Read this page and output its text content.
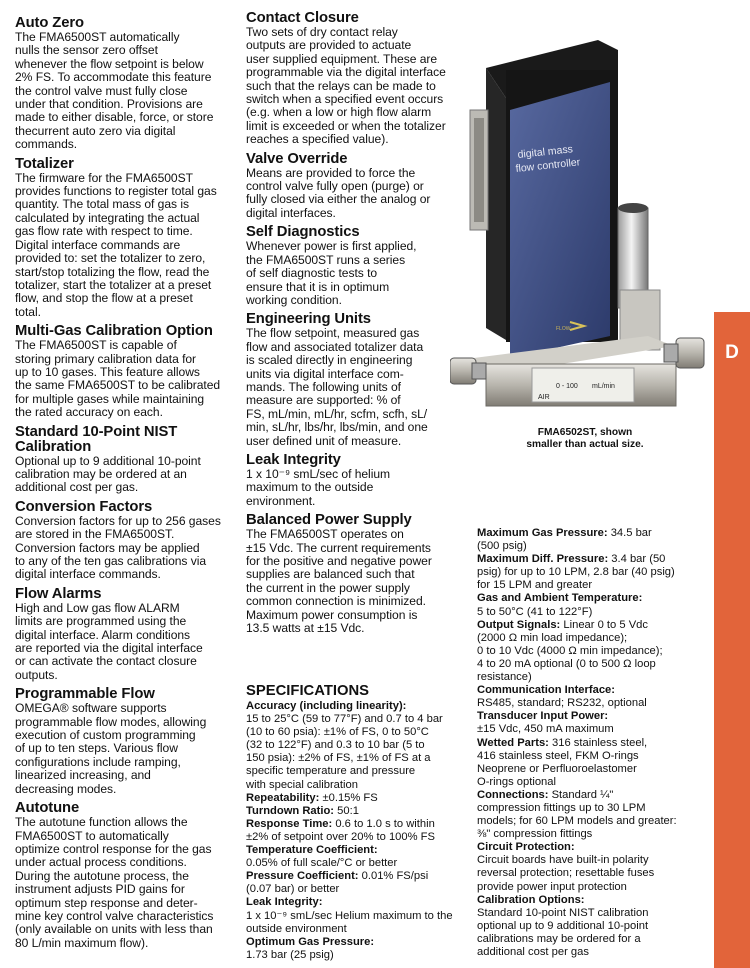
Auto Zero

The FMA6500ST automatically
nulls the sensor zero offset
whenever the flow setpoint is below
2% FS. To accommodate this feature
the control valve must fully close
under that condition. Provisions are
made to either disable, force, or store
thecurrent auto zero via digital
commands.

Totalizer

The firmware for the FMA6500ST
provides functions to register total gas
quantity. The total mass of gas is
calculated by integrating the actual
gas flow rate with respect to time.
Digital interface commands are
provided to: set the totalizer to zero,
start/stop totalizing the flow, read the
totalizer, start the totalizer at a preset
flow, and stop the flow at a preset
total.

Multi-Gas Calibration Option

The FMA6500ST is capable of
storing primary calibration data for
up to 10 gases. This feature allows
the same FMA6500ST to be calibrated
for multiple gases while maintaining
the rated accuracy on each.

Standard 10-Point NIST
Calibration

Optional up to 9 additional 10-point
calibration may be ordered at an
additional cost per gas.

Conversion Factors

Conversion factors for up to 256 gases
are stored in the FMA6500ST.
Conversion factors may be applied
to any of the ten gas calibrations via
digital interface commands.

Flow Alarms

High and Low gas flow ALARM
limits are programmed using the
digital interface. Alarm conditions
are reported via the digital interface
or can activate the contact closure
outputs.

Programmable Flow

OMEGA® software supports
programmable flow modes, allowing
execution of custom programming
of up to ten steps. Various flow
configurations include ramping,
linearized increasing, and
decreasing modes.

Autotune

The autotune function allows the
FMA6500ST to automatically
optimize control response for the gas
under actual process conditions.
During the autotune process, the
instrument adjusts PID gains for
optimum step response and deter-
mine key control valve characteristics
(only available on units with less than
80 L/min maximum flow).

Contact Closure

Two sets of dry contact relay
outputs are provided to actuate
user supplied equipment. These are
programmable via the digital interface
such that the relays can be made to
switch when a specified event occurs
(e.g. when a low or high flow alarm
limit is exceeded or when the totalizer
reaches a specified value).

Valve Override

Means are provided to force the
control valve fully open (purge) or
fully closed via either the analog or
digital interfaces.

Self Diagnostics

Whenever power is first applied,
the FMA6500ST runs a series
of self diagnostic tests to
ensure that it is in optimum
working condition.

Engineering Units

The flow setpoint, measured gas
flow and associated totalizer data
is scaled directly in engineering
units via digital interface com-
mands. The following units of
measure are supported: % of
FS, mL/min, mL/hr, scfm, scfh, sL/
min, sL/hr, lbs/hr, lbs/min, and one
user defined unit of measure.

Leak Integrity

1 x 10⁻⁹ smL/sec of helium
maximum to the outside
environment.

Balanced Power Supply

The FMA6500ST operates on
±15 Vdc. The current requirements
for the positive and negative power
supplies are balanced such that
the current in the power supply
common connection is minimized.
Maximum power consumption is
13.5 watts at ±15 Vdc.

SPECIFICATIONS
Accuracy (including linearity):
15 to 25°C (59 to 77°F) and 0.7 to 4 bar
(10 to 60 psia): ±1% of FS, 0 to 50°C
(32 to 122°F) and 0.3 to 10 bar (5 to
150 psia): ±2% of FS, ±1% of FS at a
specific temperature and pressure
with special calibration
Repeatability: ±0.15% FS
Turndown Ratio: 50:1
Response Time: 0.6 to 1.0 s to within
±2% of setpoint over 20% to 100% FS
Temperature Coefficient:
0.05% of full scale/°C or better
Pressure Coefficient: 0.01% FS/psi
(0.07 bar) or better
Leak Integrity:
1 x 10⁻⁹ smL/sec Helium maximum to the
outside environment
Optimum Gas Pressure:
1.73 bar (25 psig)
Maximum Gas Pressure: 34.5 bar
(500 psig)
Maximum Diff. Pressure: 3.4 bar (50
psig) for up to 10 LPM, 2.8 bar (40 psig)
for 15 LPM and greater
Gas and Ambient Temperature:
5 to 50°C (41 to 122°F)
Output Signals: Linear 0 to 5 Vdc
(2000 Ω min load impedance);
0 to 10 Vdc (4000 Ω min impedance);
4 to 20 mA optional (0 to 500 Ω loop
resistance)
Communication Interface:
RS485, standard; RS232, optional
Transducer Input Power:
±15 Vdc, 450 mA maximum
Wetted Parts: 316 stainless steel,
416 stainless steel, FKM O-rings
Neoprene or Perfluoroelastomer
O-rings optional
Connections: Standard ¼"
compression fittings up to 30 LPM
models; for 60 LPM models and greater:
⅜" compression fittings
Circuit Protection:
Circuit boards have built-in polarity
reversal protection; resettable fuses
provide power input protection
Calibration Options:
Standard 10-point NIST calibration
optional up to 9 additional 10-point
calibrations may be ordered for a
additional cost per gas
digital mass
flow controller
FLOW
0 - 100 mL/min
AIR
FMA6502ST, shown
smaller than actual size.
D
